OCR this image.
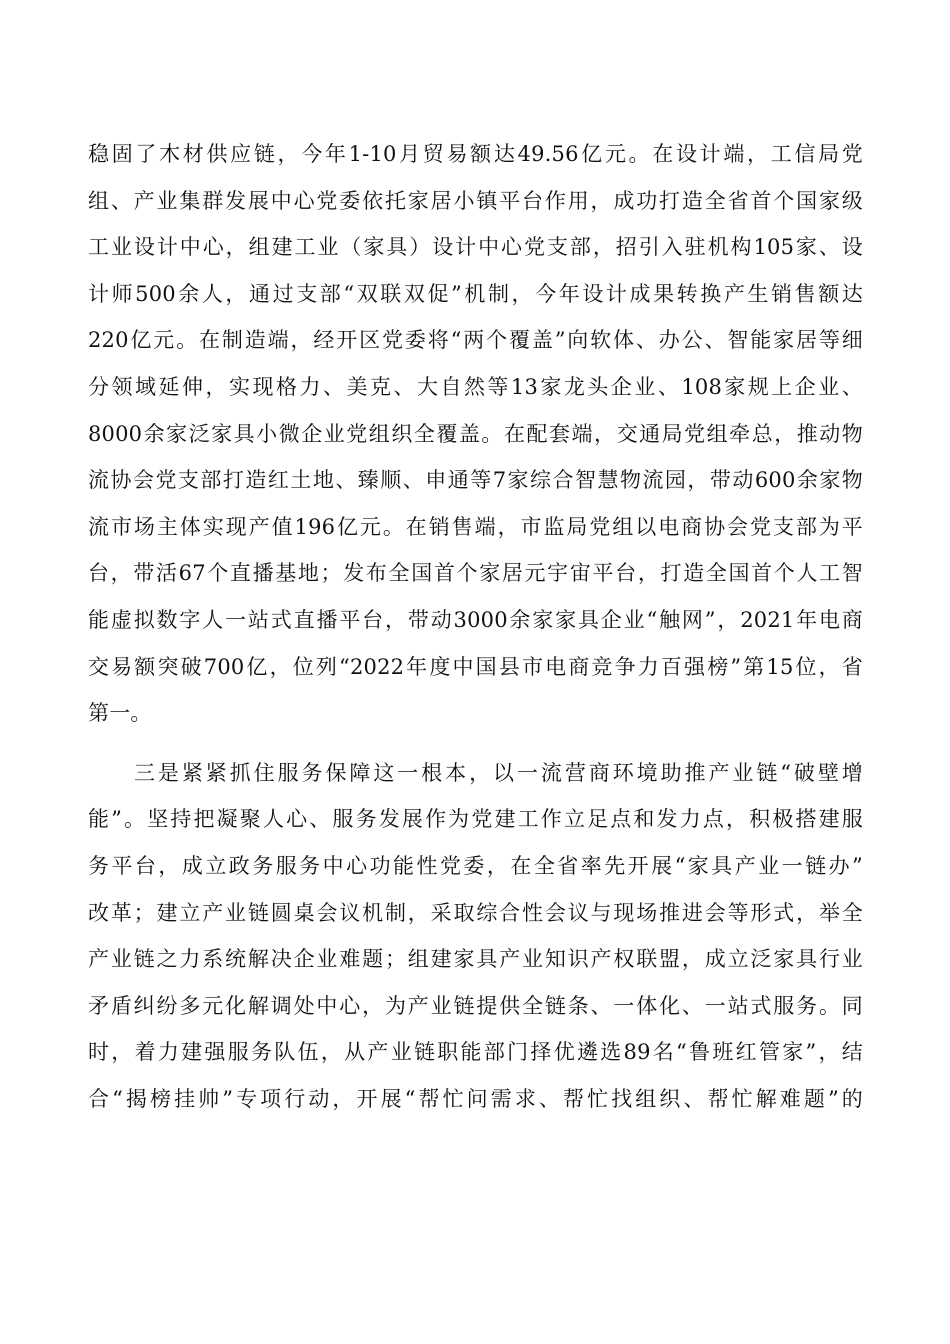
稳固了木材供应链，今年1-10月贸易额达49.56亿元。在设计端，工信局党
组、产业集群发展中心党委依托家居小镇平台作用，成功打造全省首个国家级
工业设计中心，组建工业（家具）设计中心党支部，招引入驻机构105家、设
计师500余人，通过支部“双联双促”机制，今年设计成果转换产生销售额达
220亿元。在制造端，经开区党委将“两个覆盖”向软体、办公、智能家居等细
分领域延伸，实现格力、美克、大自然等13家龙头企业、108家规上企业、
8000余家泛家具小微企业党组织全覆盖。在配套端，交通局党组牵总，推动物
流协会党支部打造红土地、臻顺、申通等7家综合智慧物流园，带动600余家物
流市场主体实现产值196亿元。在销售端，市监局党组以电商协会党支部为平
台，带活67个直播基地；发布全国首个家居元宇宙平台，打造全国首个人工智
能虚拟数字人一站式直播平台，带动3000余家家具企业“触网”，2021年电商
交易额突破700亿，位列“2022年度中国县市电商竞争力百强榜”第15位，省
第一。
三是紧紧抓住服务保障这一根本，以一流营商环境助推产业链“破壁增
能”。坚持把凝聚人心、服务发展作为党建工作立足点和发力点，积极搭建服
务平台，成立政务服务中心功能性党委，在全省率先开展“家具产业一链办”
改革；建立产业链圆桌会议机制，采取综合性会议与现场推进会等形式，举全
产业链之力系统解决企业难题；组建家具产业知识产权联盟，成立泛家具行业
矛盾纠纷多元化解调处中心，为产业链提供全链条、一体化、一站式服务。同
时，着力建强服务队伍，从产业链职能部门择优遴选89名“鲁班红管家”，结
合“揭榜挂帅”专项行动，开展“帮忙问需求、帮忙找组织、帮忙解难题”的
